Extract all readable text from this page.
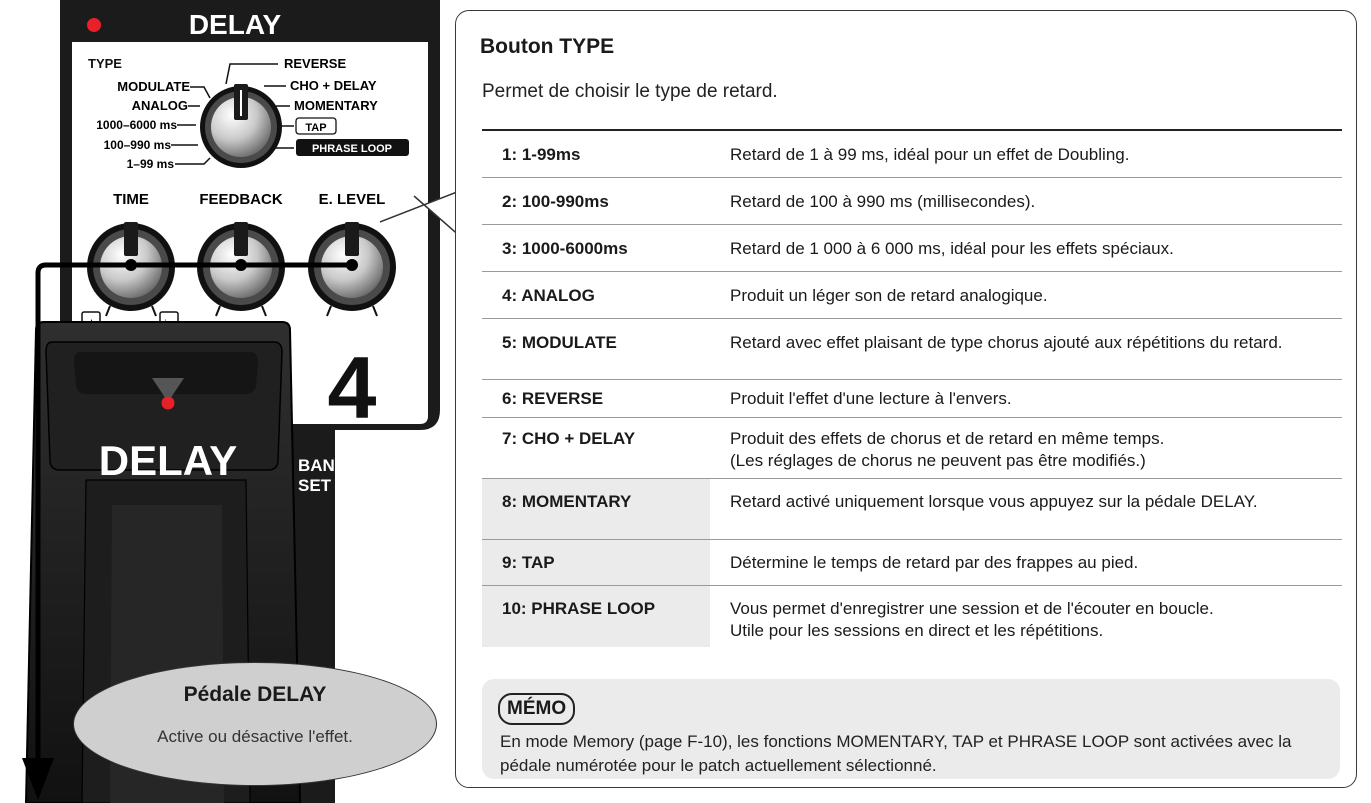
DELAY
TYPE
MODULATE
ANALOG
1000–6000 ms
100–990 ms
1–99 ms
REVERSE
CHO + DELAY
MOMENTARY
TAP
PHRASE LOOP
TIME	FEEDBACK E. LEVEL
4
BANK
SET
DELAY
Bouton TYPE

Permet de choisir le type de retard.

1: 1-99ms	Retard de 1 à 99 ms, idéal pour un effet de Doubling.
2: 100-990ms	Retard de 100 à 990 ms (millisecondes).
3: 1000-6000ms	Retard de 1 000 à 6 000 ms, idéal pour les effets spéciaux.
4: ANALOG	Produit un léger son de retard analogique.
5: MODULATE	Retard avec effet plaisant de type chorus ajouté aux répétitions du retard.
6: REVERSE	Produit l'effet d'une lecture à l'envers.
7: CHO + DELAY	Produit des effets de chorus et de retard en même temps.
(Les réglages de chorus ne peuvent pas être modifiés.)

8: MOMENTARY	Retard activé uniquement lorsque vous appuyez sur la pédale DELAY.
9: TAP	Détermine le temps de retard par des frappes au pied.
10: PHRASE LOOP	Vous permet d'enregistrer une session et de l'écouter en boucle.
Utile pour les sessions en direct et les répétitions.
MÉMO

En mode Memory (page F-10), les fonctions MOMENTARY, TAP et PHRASE LOOP sont activées avec la pédale numérotée pour le patch actuellement sélectionné.

Pédale DELAY

Active ou désactive l'effet.
